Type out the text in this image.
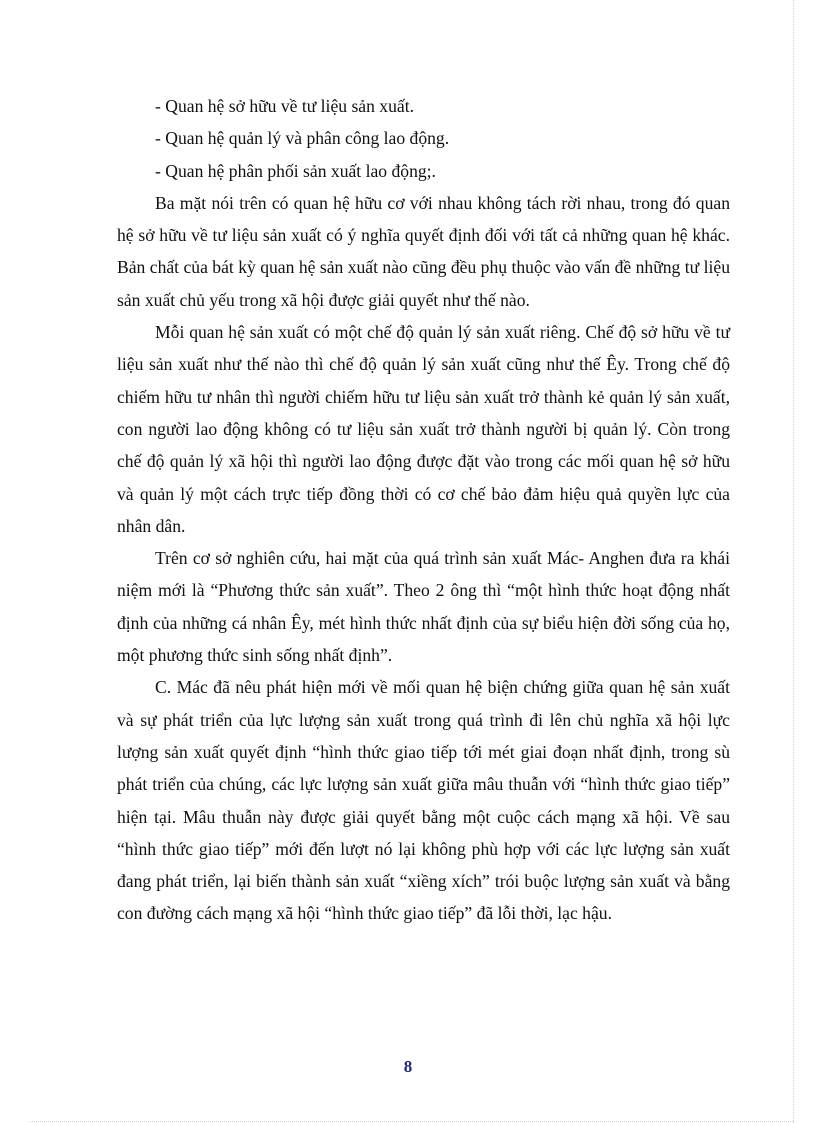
- Quan hệ sở hữu về tư liệu sản xuất.

- Quan hệ quản lý và phân công lao động.

- Quan hệ phân phối sản xuất lao động;.

Ba mặt nói trên có quan hệ hữu cơ với nhau không tách rời nhau, trong đó quan hệ sở hữu về tư liệu sản xuất có ý nghĩa quyết định đối với tất cả những quan hệ khác. Bản chất của bát kỳ quan hệ sản xuất nào cũng đều phụ thuộc vào vấn đề những tư liệu sản xuất chủ yếu trong xã hội được giải quyết như thế nào.

Mỗi quan hệ sản xuất có một chế độ quản lý sản xuất riêng. Chế độ sở hữu về tư liệu sản xuất như thế nào thì chế độ quản lý sản xuất cũng như thế Êy. Trong chế độ chiếm hữu tư nhân thì người chiếm hữu tư liệu sản xuất trở thành kẻ quản lý sản xuất, con người lao động không có tư liệu sản xuất trở thành người bị quản lý. Còn trong chế độ quản lý xã hội thì người lao động được đặt vào trong các mối quan hệ sở hữu và quản lý một cách trực tiếp đồng thời có cơ chế bảo đảm hiệu quả quyền lực của nhân dân.

Trên cơ sở nghiên cứu, hai mặt của quá trình sản xuất Mác- Anghen đưa ra khái niệm mới là “Phương thức sản xuất”. Theo 2 ông thì “một hình thức hoạt động nhất định của những cá nhân Êy, mét hình thức nhất định của sự biểu hiện đời sống của họ, một phương thức sinh sống nhất định”.

C. Mác đã nêu phát hiện mới về mối quan hệ biện chứng giữa quan hệ sản xuất và sự phát triển của lực lượng sản xuất trong quá trình đi lên chủ nghĩa xã hội lực lượng sản xuất quyết định “hình thức giao tiếp tới mét giai đoạn nhất định, trong sù phát triển của chúng, các lực lượng sản xuất giữa mâu thuẫn với “hình thức giao tiếp” hiện tại. Mâu thuẫn này được giải quyết bằng một cuộc cách mạng xã hội. Về sau “hình thức giao tiếp” mới đến lượt nó lại không phù hợp với các lực lượng sản xuất đang phát triển, lại biến thành sản xuất “xiềng xích” trói buộc lượng sản xuất và bằng con đường cách mạng xã hội “hình thức giao tiếp” đã lỗi thời, lạc hậu.

8
